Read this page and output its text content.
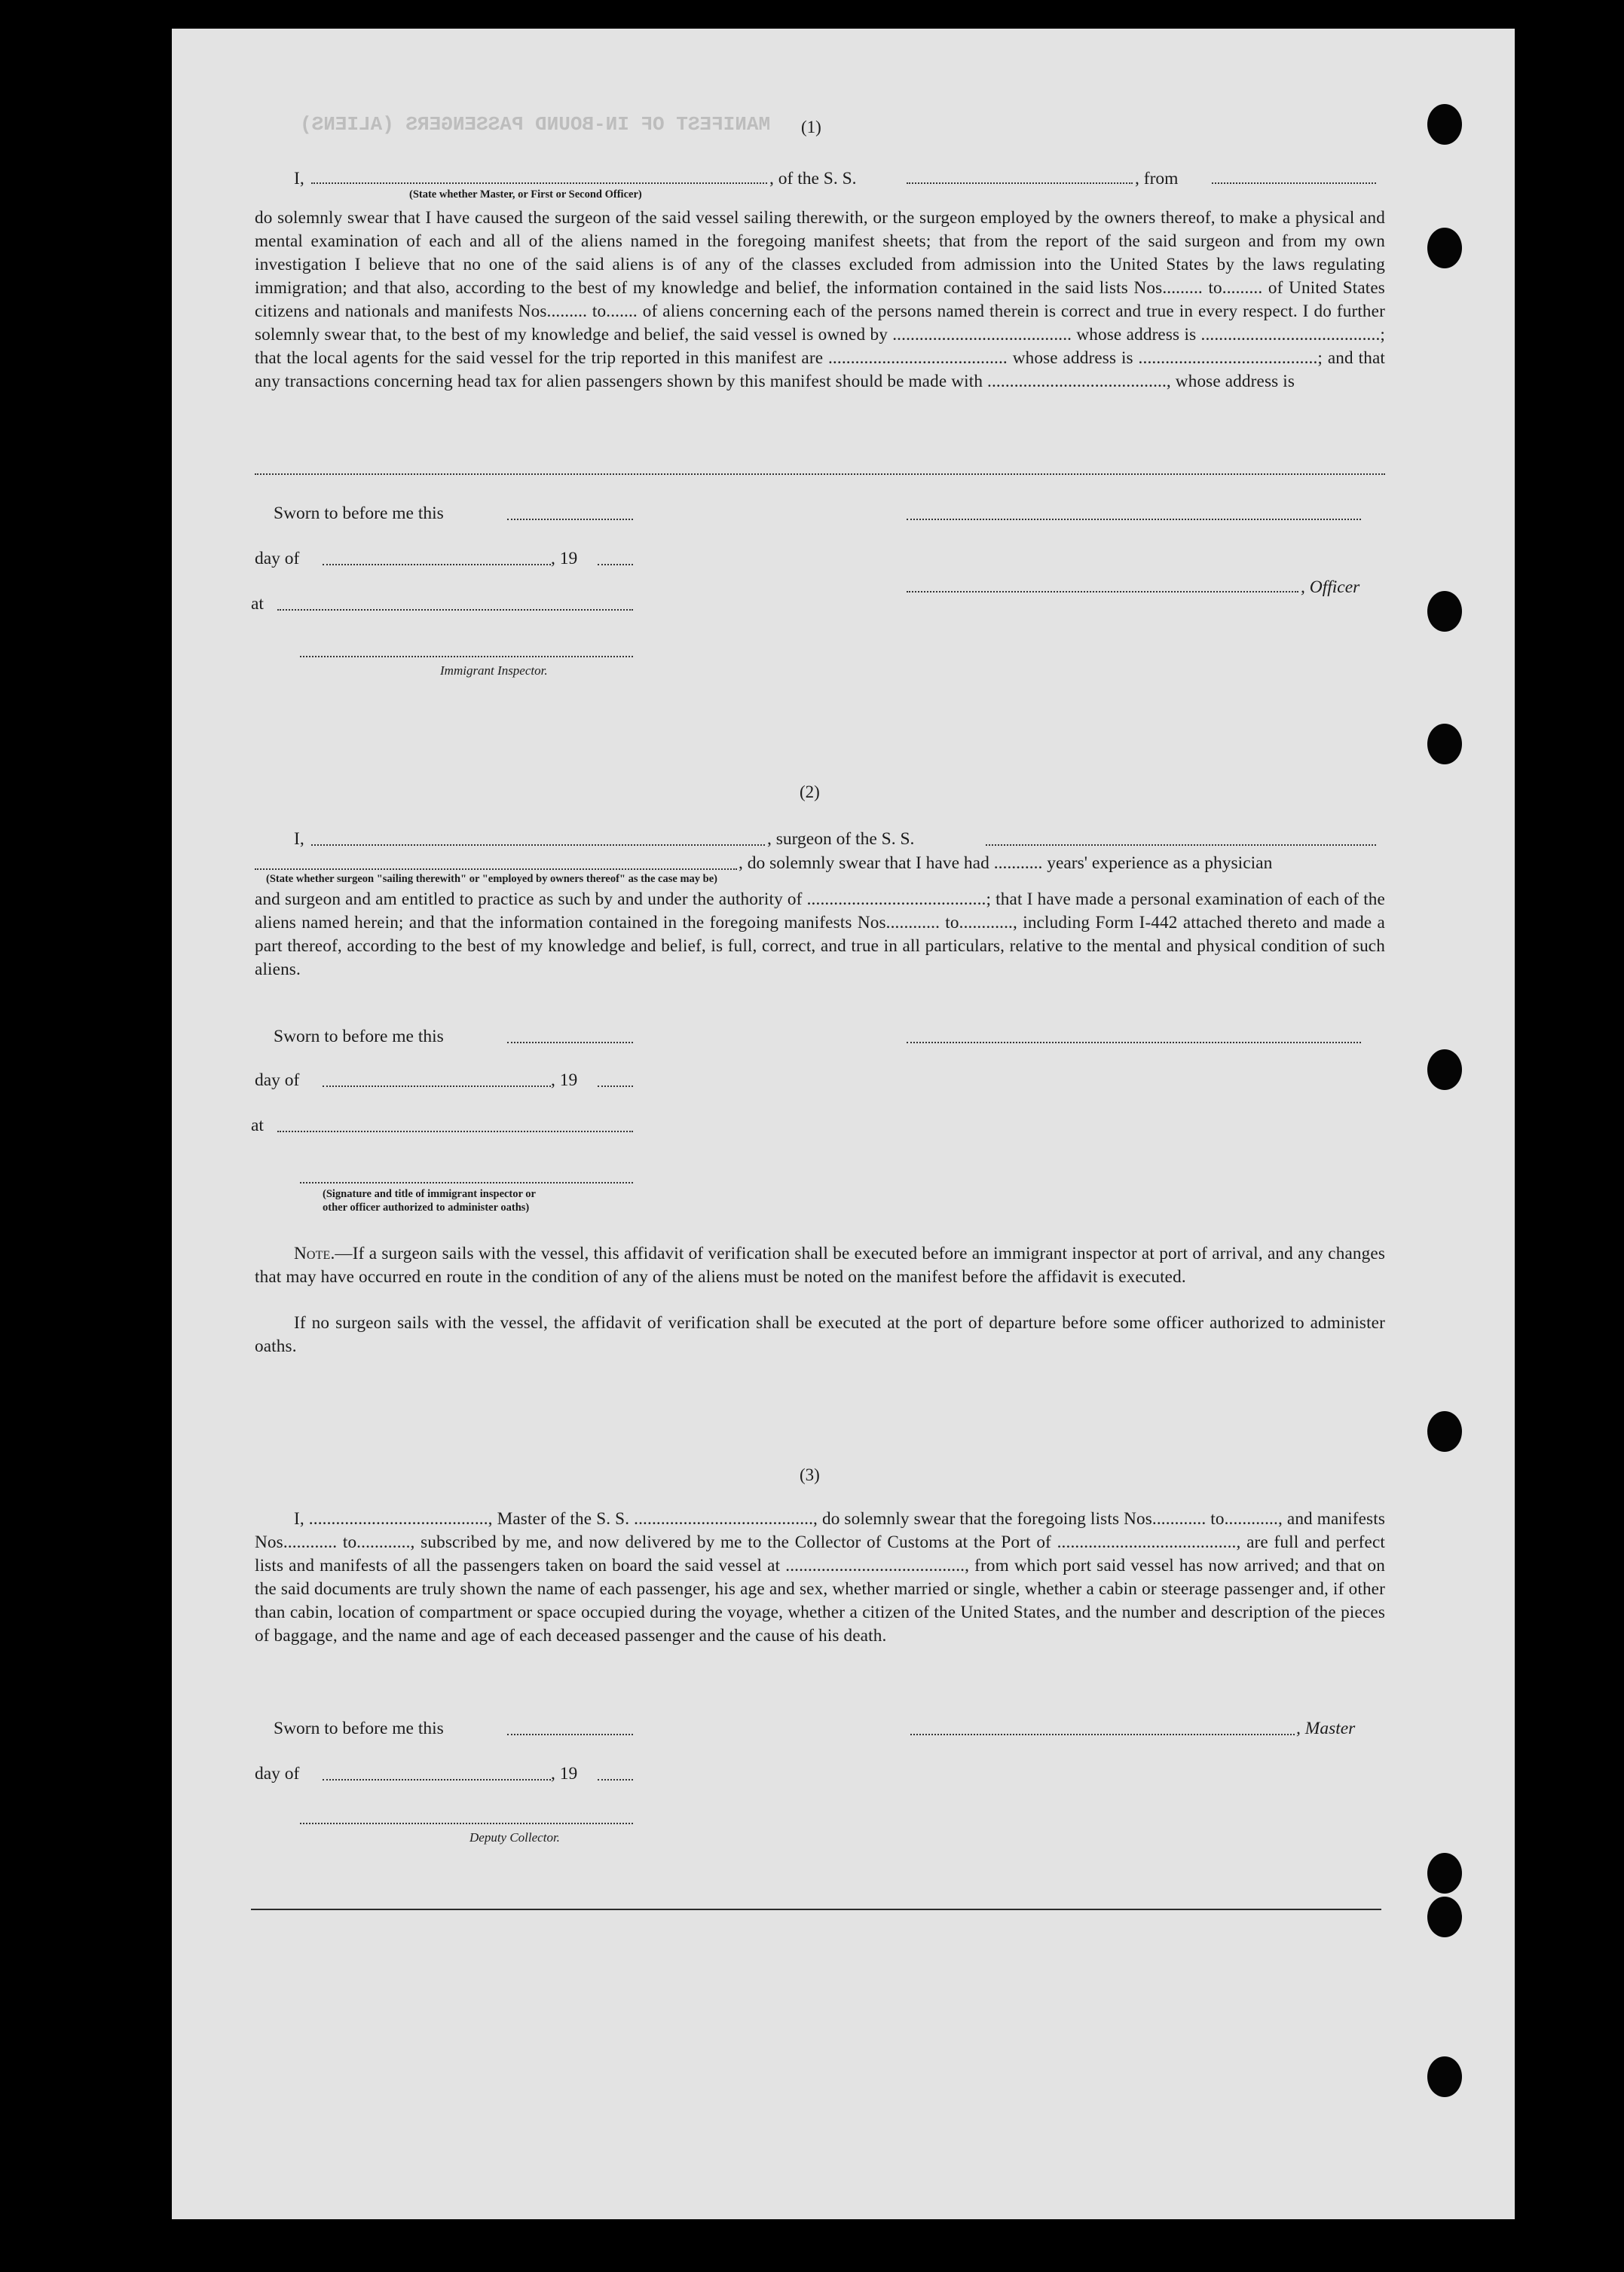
MANIFEST OF IN-BOUND PASSENGERS (ALIENS) (1)
I,	, of the S. S.	, from
(State whether Master, or First or Second Officer)
do solemnly swear that I have caused the surgeon of the said vessel sailing therewith, or the surgeon employed by the owners thereof, to make a physical and mental examination of each and all of the aliens named in the foregoing manifest sheets; that from the report of the said surgeon and from my own investigation I believe that no one of the said aliens is of any of the classes excluded from admission into the United States by the laws regulating immigration; and that also, according to the best of my knowledge and belief, the information contained in the said lists Nos......... to......... of United States citizens and nationals and manifests Nos......... to....... of aliens concerning each of the persons named therein is correct and true in every respect. I do further solemnly swear that, to the best of my knowledge and belief, the said vessel is owned by ........................................ whose address is ........................................; that the local agents for the said vessel for the trip reported in this manifest are ........................................ whose address is ........................................; and that any transactions concerning head tax for alien passengers shown by this manifest should be made with ........................................, whose address is
Sworn to before me this
day of	, 19
, Officer
at
Immigrant Inspector.
(2)
I,	, surgeon of the S. S.
, do solemnly swear that I have had ........... years' experience as a physician
(State whether surgeon "sailing therewith" or "employed by owners thereof" as the case may be)
and surgeon and am entitled to practice as such by and under the authority of ........................................; that I have made a personal examination of each of the aliens named herein; and that the information contained in the foregoing manifests Nos............ to............, including Form I-442 attached thereto and made a part thereof, according to the best of my knowledge and belief, is full, correct, and true in all particulars, relative to the mental and physical condition of such aliens.
Sworn to before me this
day of	, 19
at
(Signature and title of immigrant inspector or
other officer authorized to administer oaths)
Note.—If a surgeon sails with the vessel, this affidavit of verification shall be executed before an immigrant inspector at port of arrival, and any changes that may have occurred en route in the condition of any of the aliens must be noted on the manifest before the affidavit is executed.
If no surgeon sails with the vessel, the affidavit of verification shall be executed at the port of departure before some officer authorized to administer oaths.
(3)
I, ........................................, Master of the S. S. ........................................, do solemnly swear that the foregoing lists Nos............ to............, and manifests Nos............ to............, subscribed by me, and now delivered by me to the Collector of Customs at the Port of ........................................, are full and perfect lists and manifests of all the passengers taken on board the said vessel at ........................................, from which port said vessel has now arrived; and that on the said documents are truly shown the name of each passenger, his age and sex, whether married or single, whether a cabin or steerage passenger and, if other than cabin, location of compartment or space occupied during the voyage, whether a citizen of the United States, and the number and description of the pieces of baggage, and the name and age of each deceased passenger and the cause of his death.
Sworn to before me this	, Master
day of	, 19
Deputy Collector.
